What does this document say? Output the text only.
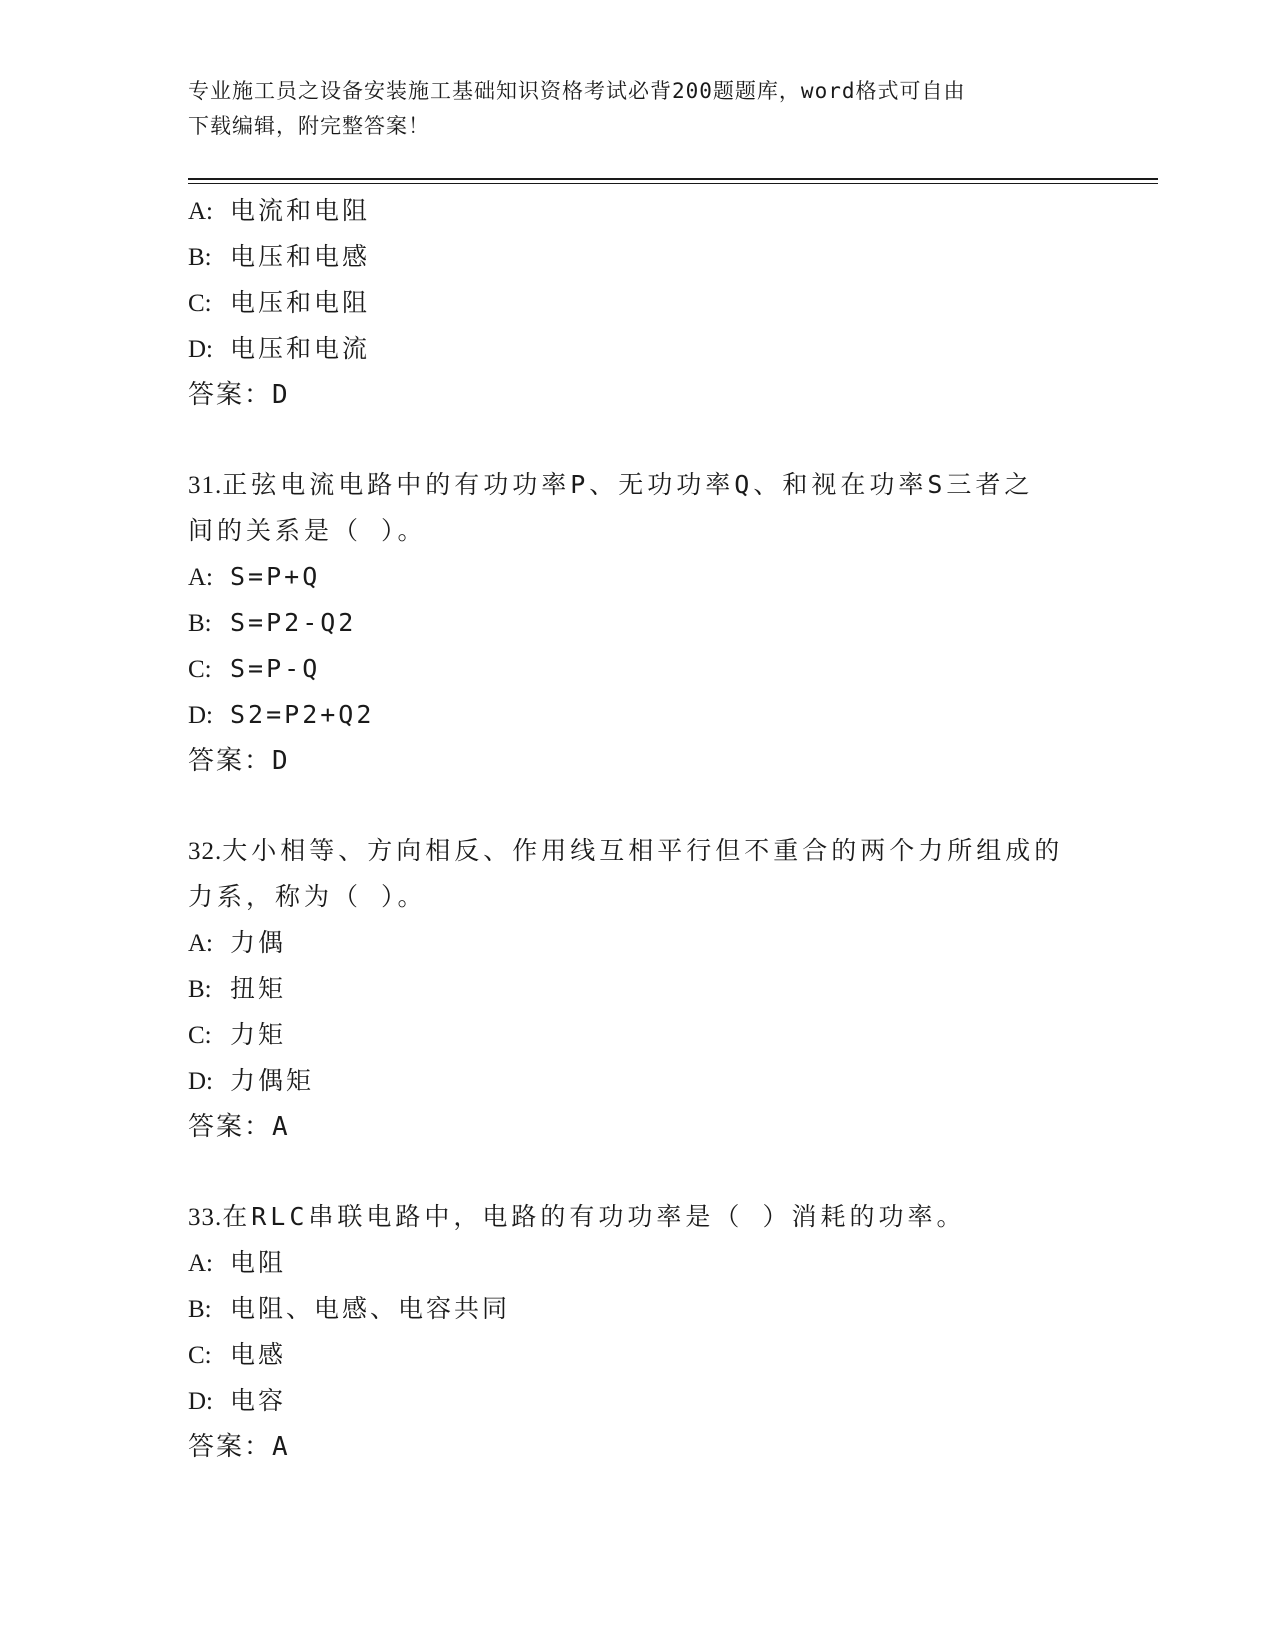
专业施工员之设备安装施工基础知识资格考试必背200题题库，word格式可自由
下载编辑，附完整答案！
A: 电流和电阻
B: 电压和电感
C: 电压和电阻
D: 电压和电流
答案：D
31.正弦电流电路中的有功功率P、无功功率Q、和视在功率S三者之
间的关系是（ ）。
A: S=P+Q
B: S=P2-Q2
C: S=P-Q
D: S2=P2+Q2
答案：D
32.大小相等、方向相反、作用线互相平行但不重合的两个力所组成的
力系，称为（ ）。
A: 力偶
B: 扭矩
C: 力矩
D: 力偶矩
答案：A
33.在RLC串联电路中，电路的有功功率是（ ）消耗的功率。
A: 电阻
B: 电阻、电感、电容共同
C: 电感
D: 电容
答案：A
